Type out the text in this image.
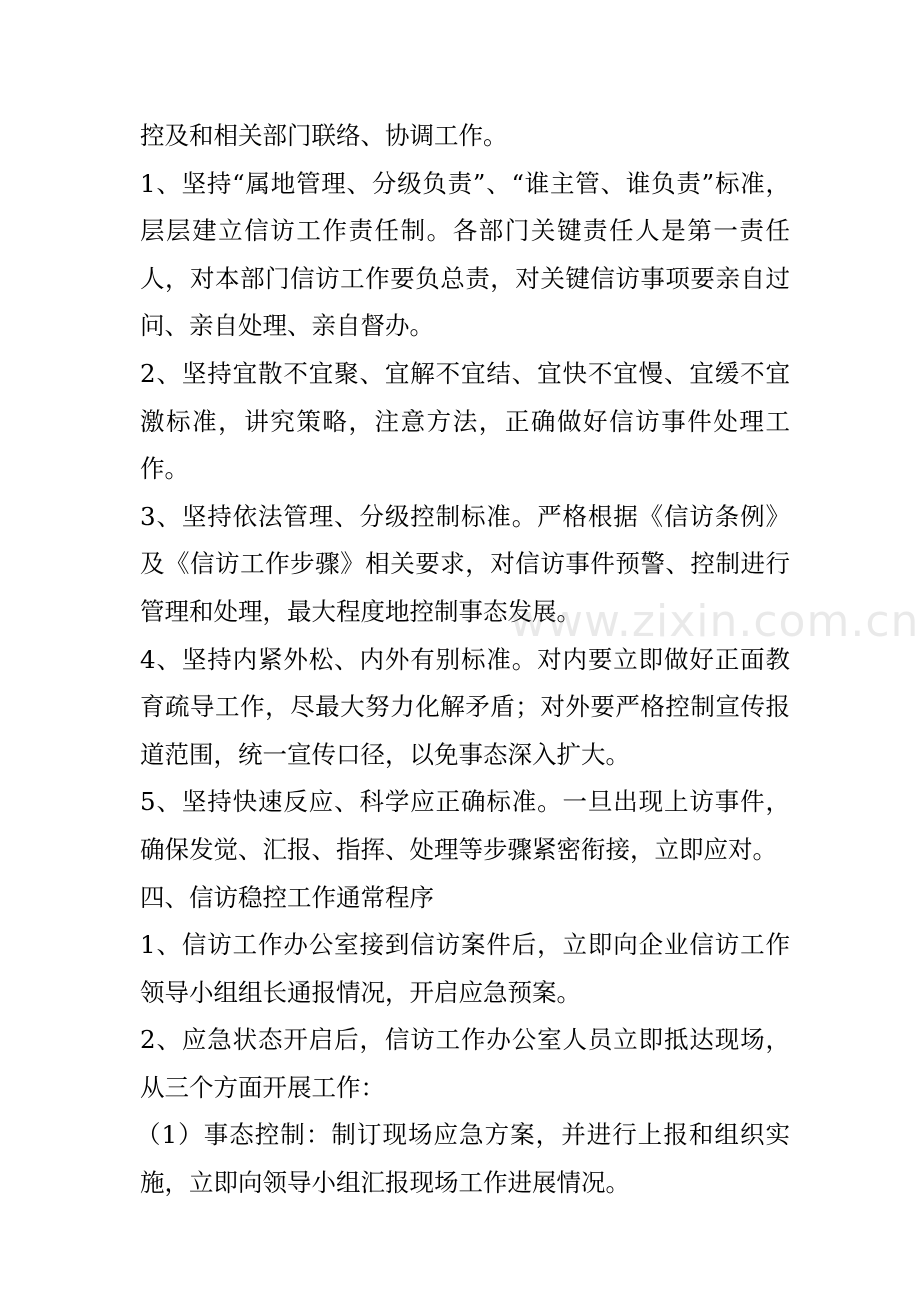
控及和相关部门联络、协调工作。

1、坚持“属地管理、分级负责”、“谁主管、谁负责”标准，层层建立信访工作责任制。各部门关键责任人是第一责任人，对本部门信访工作要负总责，对关键信访事项要亲自过问、亲自处理、亲自督办。

2、坚持宜散不宜聚、宜解不宜结、宜快不宜慢、宜缓不宜激标准，讲究策略，注意方法，正确做好信访事件处理工作。

3、坚持依法管理、分级控制标准。严格根据《信访条例》及《信访工作步骤》相关要求，对信访事件预警、控制进行管理和处理，最大程度地控制事态发展。

4、坚持内紧外松、内外有别标准。对内要立即做好正面教育疏导工作，尽最大努力化解矛盾；对外要严格控制宣传报道范围，统一宣传口径，以免事态深入扩大。

5、坚持快速反应、科学应正确标准。一旦出现上访事件，确保发觉、汇报、指挥、处理等步骤紧密衔接，立即应对。

四、信访稳控工作通常程序

1、信访工作办公室接到信访案件后，立即向企业信访工作领导小组组长通报情况，开启应急预案。

2、应急状态开启后，信访工作办公室人员立即抵达现场，从三个方面开展工作：

（1）事态控制：制订现场应急方案，并进行上报和组织实施，立即向领导小组汇报现场工作进展情况。

www.zixin.com.cn
